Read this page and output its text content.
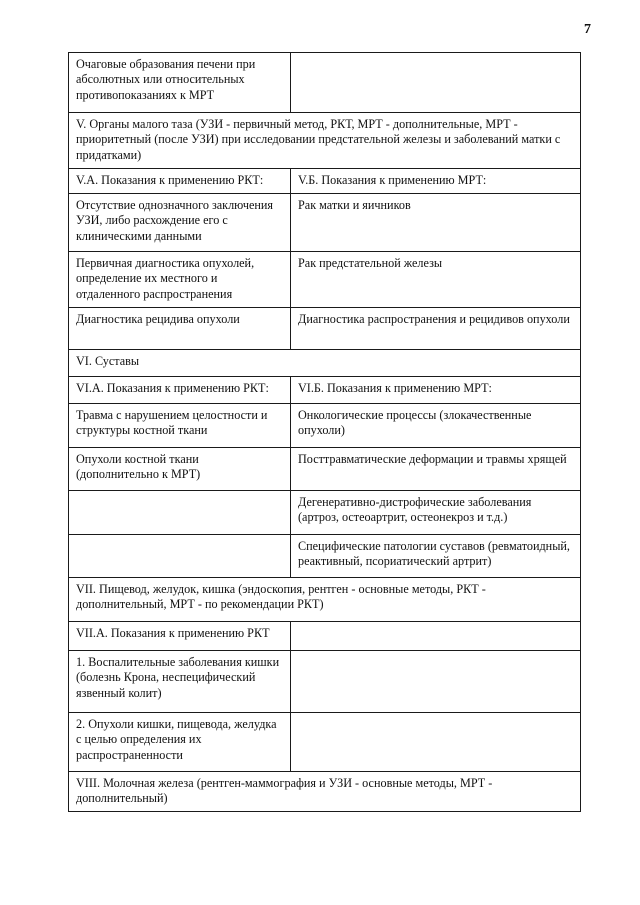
7
Очаговые образования печени при абсолютных или относительных противопоказаниях к МРТ	
V. Органы малого таза (УЗИ - первичный метод, РКТ, МРТ - дополнительные, МРТ - приоритетный (после УЗИ) при исследовании предстательной железы и заболеваний матки с придатками)	
V.А. Показания к применению РКТ:	V.Б. Показания к применению МРТ:
Отсутствие однозначного заключения УЗИ, либо расхождение его с клиническими данными	Рак матки и яичников
Первичная диагностика опухолей, определение их местного и отдаленного распространения	Рак предстательной железы
Диагностика рецидива опухоли	Диагностика распространения и рецидивов опухоли
VI. Суставы	
VI.А. Показания к применению РКТ:	VI.Б. Показания к применению МРТ:
Травма с нарушением целостности и структуры костной ткани	Онкологические процессы (злокачественные опухоли)
Опухоли костной ткани (дополнительно к МРТ)	Посттравматические деформации и травмы хрящей
	Дегенеративно-дистрофические заболевания (артроз, остеоартрит, остеонекроз и т.д.)
	Специфические патологии суставов (ревматоидный, реактивный, псориатический артрит)
VII. Пищевод, желудок, кишка (эндоскопия, рентген - основные методы, РКТ - дополнительный, МРТ - по рекомендации РКТ)	
VII.А. Показания к применению РКТ	
1. Воспалительные заболевания кишки (болезнь Крона, неспецифический язвенный колит)	
2. Опухоли кишки, пищевода, желудка с целью определения их распространенности	
VIII. Молочная железа (рентген-маммография и УЗИ - основные методы, МРТ - дополнительный)	
